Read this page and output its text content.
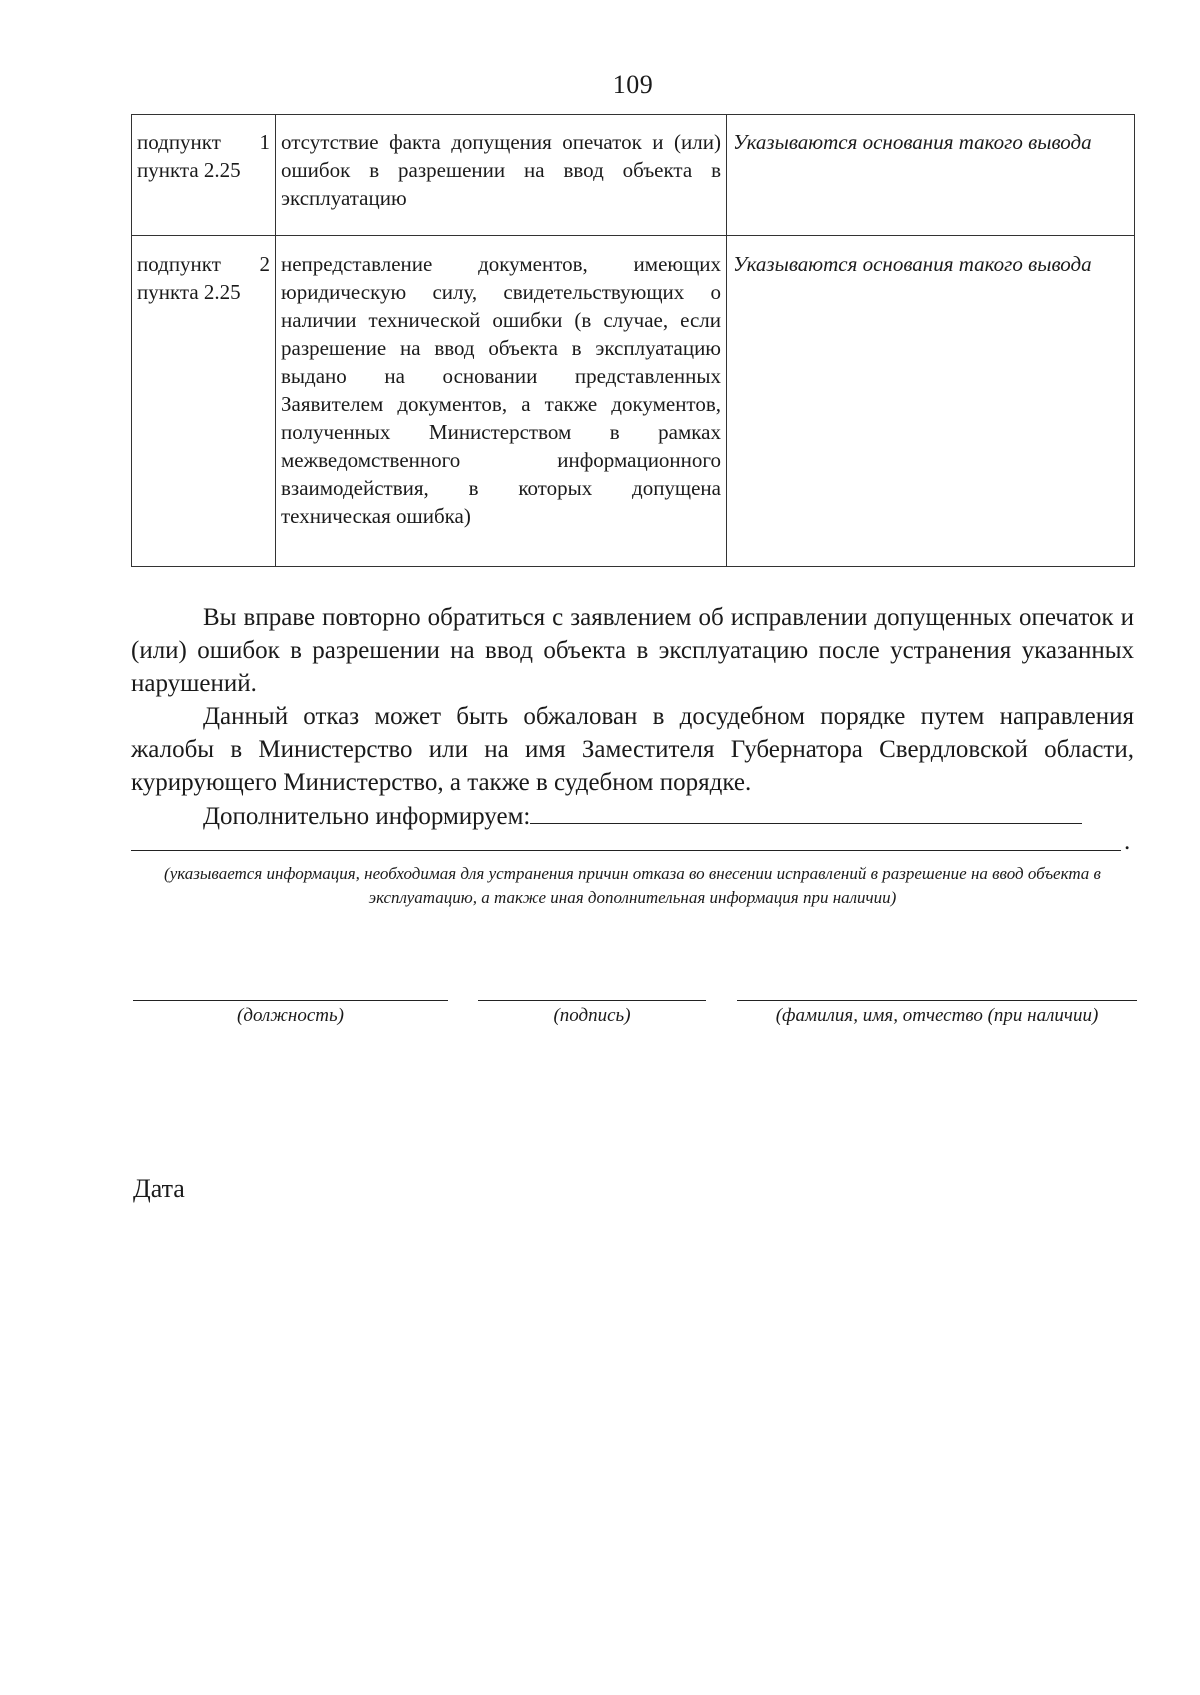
109
подпункт 1 пункта 2.25	отсутствие факта допущения опечаток и (или) ошибок в разрешении на ввод объекта в эксплуатацию	Указываются основания такого вывода
подпункт 2 пункта 2.25	непредставление документов, имеющих юридическую силу, свидетельствующих о наличии технической ошибки (в случае, если разрешение на ввод объекта в эксплуатацию выдано на основании представленных Заявителем документов, а также документов, полученных Министерством в рамках межведомственного информационного взаимодействия, в которых допущена техническая ошибка)	Указываются основания такого вывода

Вы вправе повторно обратиться с заявлением об исправлении допущенных опечаток и (или) ошибок в разрешении на ввод объекта в эксплуатацию после устранения указанных нарушений.

Данный отказ может быть обжалован в досудебном порядке путем направления жалобы в Министерство или на имя Заместителя Губернатора Свердловской области, курирующего Министерство, а также в судебном порядке.

Дополнительно информируем:

.
(указывается информация, необходимая для устранения причин отказа во внесении исправлений в разрешение на ввод объекта в эксплуатацию, а также иная дополнительная информация при наличии)
(должность)	(подпись)	(фамилия, имя, отчество (при наличии)
Дата
